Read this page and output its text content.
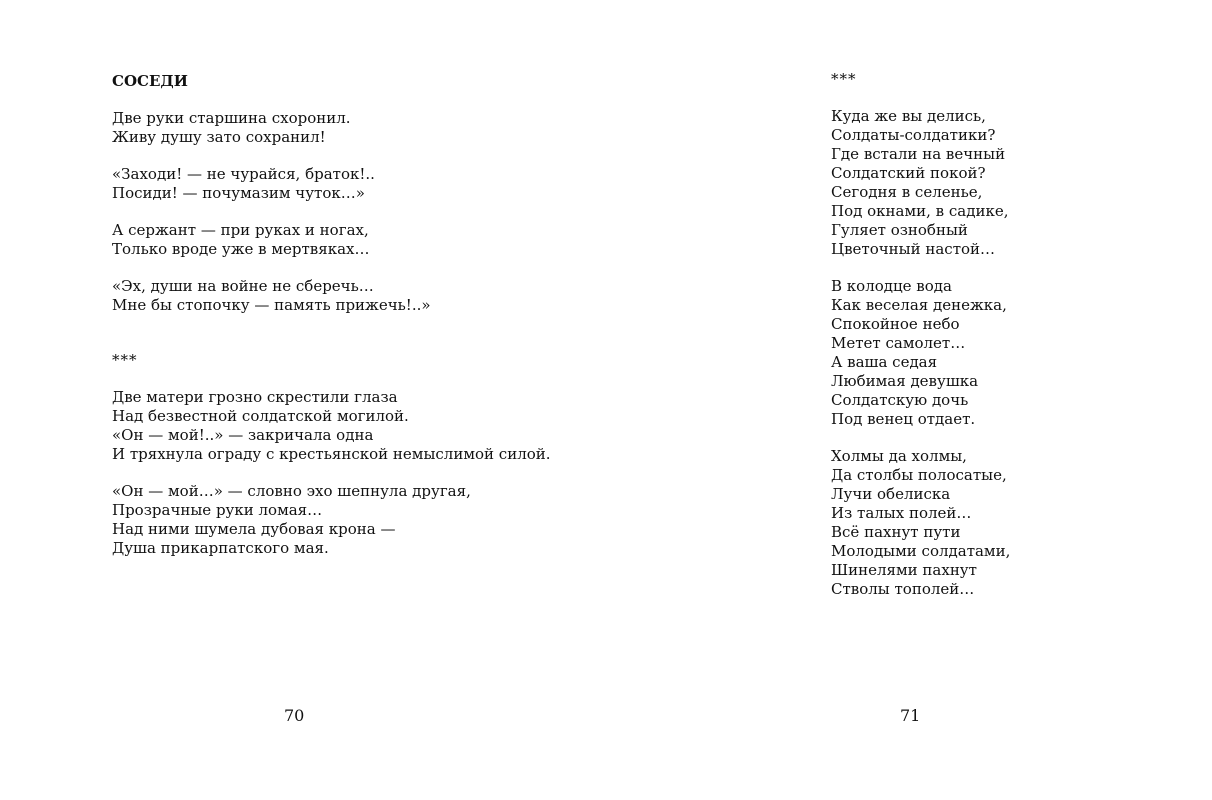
СОСЕДИ
Две руки старшина схоронил.
Живу душу зато сохранил!
«Заходи! — не чурайся, браток!..
Посиди! — почумазим чуток…»
А сержант — при руках и ногах,
Только вроде уже в мертвяках…
«Эх, души на войне не сберечь…
Мне бы стопочку — память прижечь!..»
***
Две матери грозно скрестили глаза
Над безвестной солдатской могилой.
«Он — мой!..» — закричала одна
И тряхнула ограду с крестьянской немыслимой силой.
«Он — мой…» — словно эхо шепнула другая,
Прозрачные руки ломая…
Над ними шумела дубовая крона —
Душа прикарпатского мая.
70
***
Куда же вы делись,
Солдаты-солдатики?
Где встали на вечный
Солдатский покой?
Сегодня в селенье,
Под окнами, в садике,
Гуляет ознобный
Цветочный настой…
В колодце вода
Как веселая денежка,
Спокойное небо
Метет самолет…
А ваша седая
Любимая девушка
Солдатскую дочь
Под венец отдает.
Холмы да холмы,
Да столбы полосатые,
Лучи обелиска
Из талых полей…
Всё пахнут пути
Молодыми солдатами,
Шинелями пахнут
Стволы тополей…
71
